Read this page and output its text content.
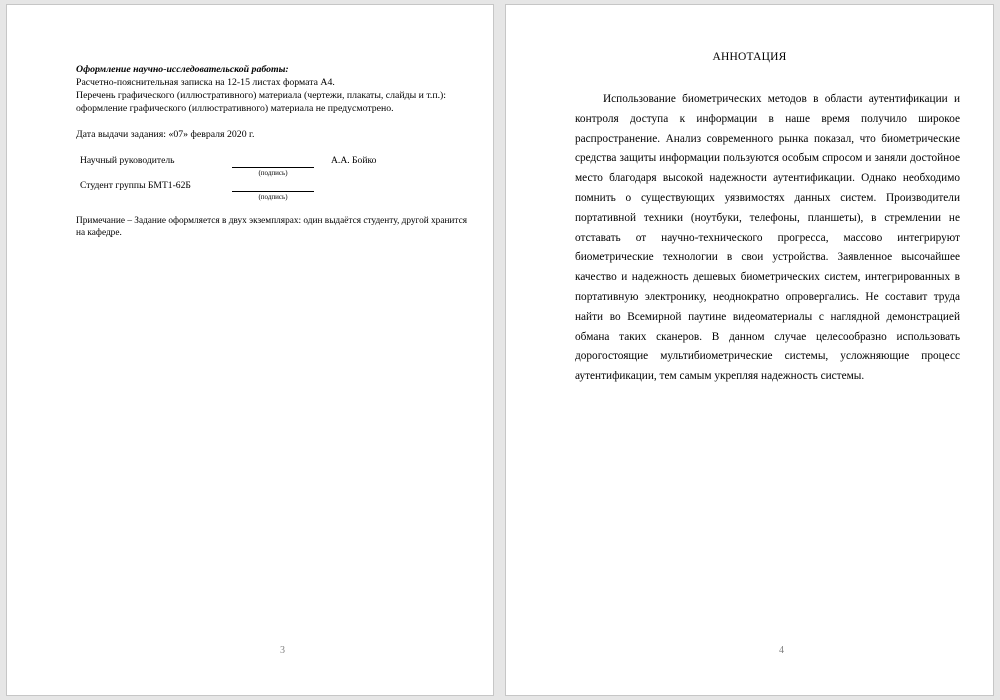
Оформление научно-исследовательской работы:
Расчетно-пояснительная записка на 12-15 листах формата А4.
Перечень графического (иллюстративного) материала (чертежи, плакаты, слайды и т.п.):
оформление графического (иллюстративного) материала не предусмотрено.
Дата выдачи задания: «07» февраля 2020 г.
Научный руководитель
(подпись)
А.А. Бойко
Студент группы БМТ1-62Б
(подпись)
Примечание – Задание оформляется в двух экземплярах: один выдаётся студенту, другой хранится на кафедре.
3
АННОТАЦИЯ

Использование биометрических методов в области аутентификации и контроля доступа к информации в наше время получило широкое распространение. Анализ современного рынка показал, что биометрические средства защиты информации пользуются особым спросом и заняли достойное место благодаря высокой надежности аутентификации. Однако необходимо помнить о существующих уязвимостях данных систем. Производители портативной техники (ноутбуки, телефоны, планшеты), в стремлении не отставать от научно-технического прогресса, массово интегрируют биометрические технологии в свои устройства. Заявленное высочайшее качество и надежность дешевых биометрических систем, интегрированных в портативную электронику, неоднократно опровергались. Не составит труда найти во Всемирной паутине видеоматериалы с наглядной демонстрацией обмана таких сканеров. В данном случае целесообразно использовать дорогостоящие мультибиометрические системы, усложняющие процесс аутентификации, тем самым укрепляя надежность системы.

4
